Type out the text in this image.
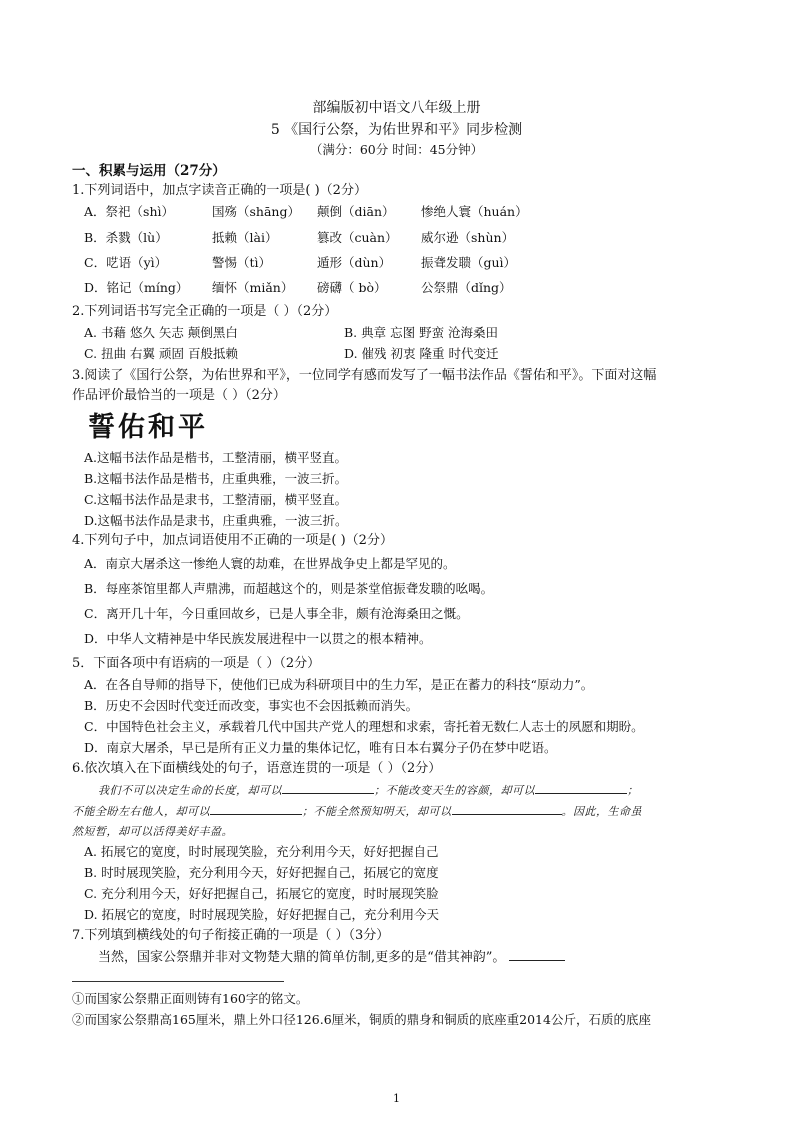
部编版初中语文八年级上册
5 《国行公祭，为佑世界和平》同步检测
（满分：60分 时间：45分钟）
一、积累与运用（27分）
1.下列词语中，加点字读音正确的一项是( )（2分）
A．祭祀（shì）	国殇（shāng） 颠倒（diān） 惨绝人寰（huán）
B．杀戮（lù）	抵赖（lài）	篡改（cuàn） 威尔逊（shùn）
C．呓语（yì）	警惕（tì）	遁形（dùn） 振聋发聩（guì）
D．铭记（míng） 缅怀（miǎn） 磅礴（ bò）	公祭鼎（dǐng）
2.下列词语书写完全正确的一项是（ ）（2分）
A. 书藉 悠久 矢志 颠倒黑白	B. 典章 忘图 野蛮 沧海桑田
C. 扭曲 右翼 顽固 百般抵赖	D. 催残 初衷 隆重 时代变迁
3.阅读了《国行公祭，为佑世界和平》，一位同学有感而发写了一幅书法作品《誓佑和平》。下面对这幅
作品评价最恰当的一项是（ ）（2分）
誓佑和平
A.这幅书法作品是楷书，工整清丽，横平竖直。
B.这幅书法作品是楷书，庄重典雅，一波三折。
C.这幅书法作品是隶书，工整清丽，横平竖直。
D.这幅书法作品是隶书，庄重典雅，一波三折。
4.下列句子中，加点词语使用不正确的一项是( )（2分）
A．南京大屠杀这一惨绝人寰的劫难，在世界战争史上都是罕见的。
B．每座茶馆里都人声鼎沸，而超越这个的，则是茶堂倌振聋发聩的吆喝。
C．离开几十年，今日重回故乡，已是人事全非，颇有沧海桑田之慨。
D．中华人文精神是中华民族发展进程中一以贯之的根本精神。
5．下面各项中有语病的一项是（ ）（2分）
A．在各自导师的指导下，使他们已成为科研项目中的生力军，是正在蓄力的科技“原动力”。
B．历史不会因时代变迁而改变，事实也不会因抵赖而消失。
C．中国特色社会主义，承载着几代中国共产党人的理想和求索，寄托着无数仁人志士的夙愿和期盼。
D．南京大屠杀，早已是所有正义力量的集体记忆，唯有日本右翼分子仍在梦中呓语。
6.依次填入在下面横线处的句子，语意连贯的一项是（ ）（2分）
我们不可以决定生命的长度，却可以	；不能改变天生的容颜，却可以	；
不能全盼左右他人，却可以	；不能全然预知明天，却可以	。因此，生命虽
然短暂，却可以活得美好丰盈。
A. 拓展它的宽度，时时展现笑脸，充分利用今天，好好把握自己
B. 时时展现笑脸，充分利用今天，好好把握自己，拓展它的宽度
C. 充分利用今天，好好把握自己，拓展它的宽度，时时展现笑脸
D. 拓展它的宽度，时时展现笑脸，好好把握自己，充分利用今天
7.下列填到横线处的句子衔接正确的一项是（ ）（3分）
当然，国家公祭鼎并非对文物楚大鼎的简单仿制,更多的是“借其神韵”。
①而国家公祭鼎正面则铸有160字的铭文。
②而国家公祭鼎高165厘米，鼎上外口径126.6厘米，铜质的鼎身和铜质的底座重2014公斤，石质的底座
1
